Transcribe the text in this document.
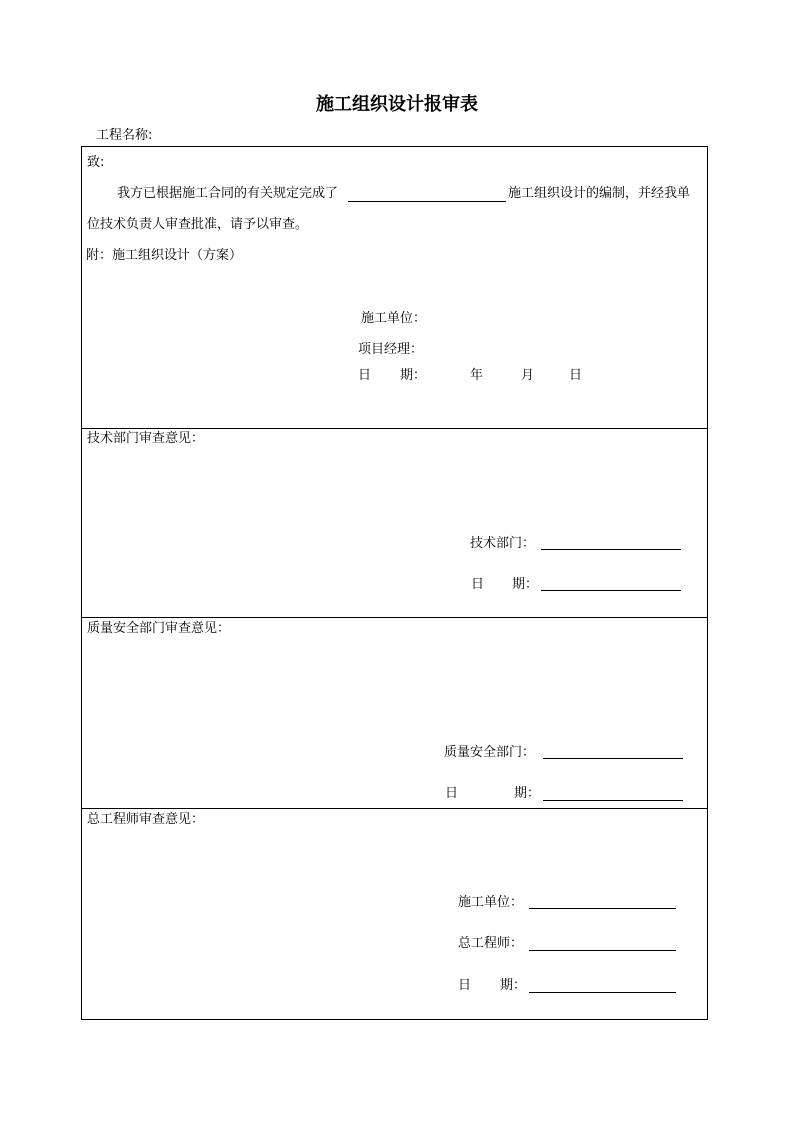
施工组织设计报审表
工程名称:
致:
我方已根据施工合同的有关规定完成了	施工组织设计的编制，并经我单
位技术负责人审查批准，请予以审查。
附：施工组织设计（方案）
施工单位：
项目经理：
日 期：	年	月	日
技术部门审查意见：
技术部门：
日 期：
质量安全部门审查意见：
质量安全部门：
日	期：
总工程师审查意见：
施工单位：
总工程师：
日 期：
